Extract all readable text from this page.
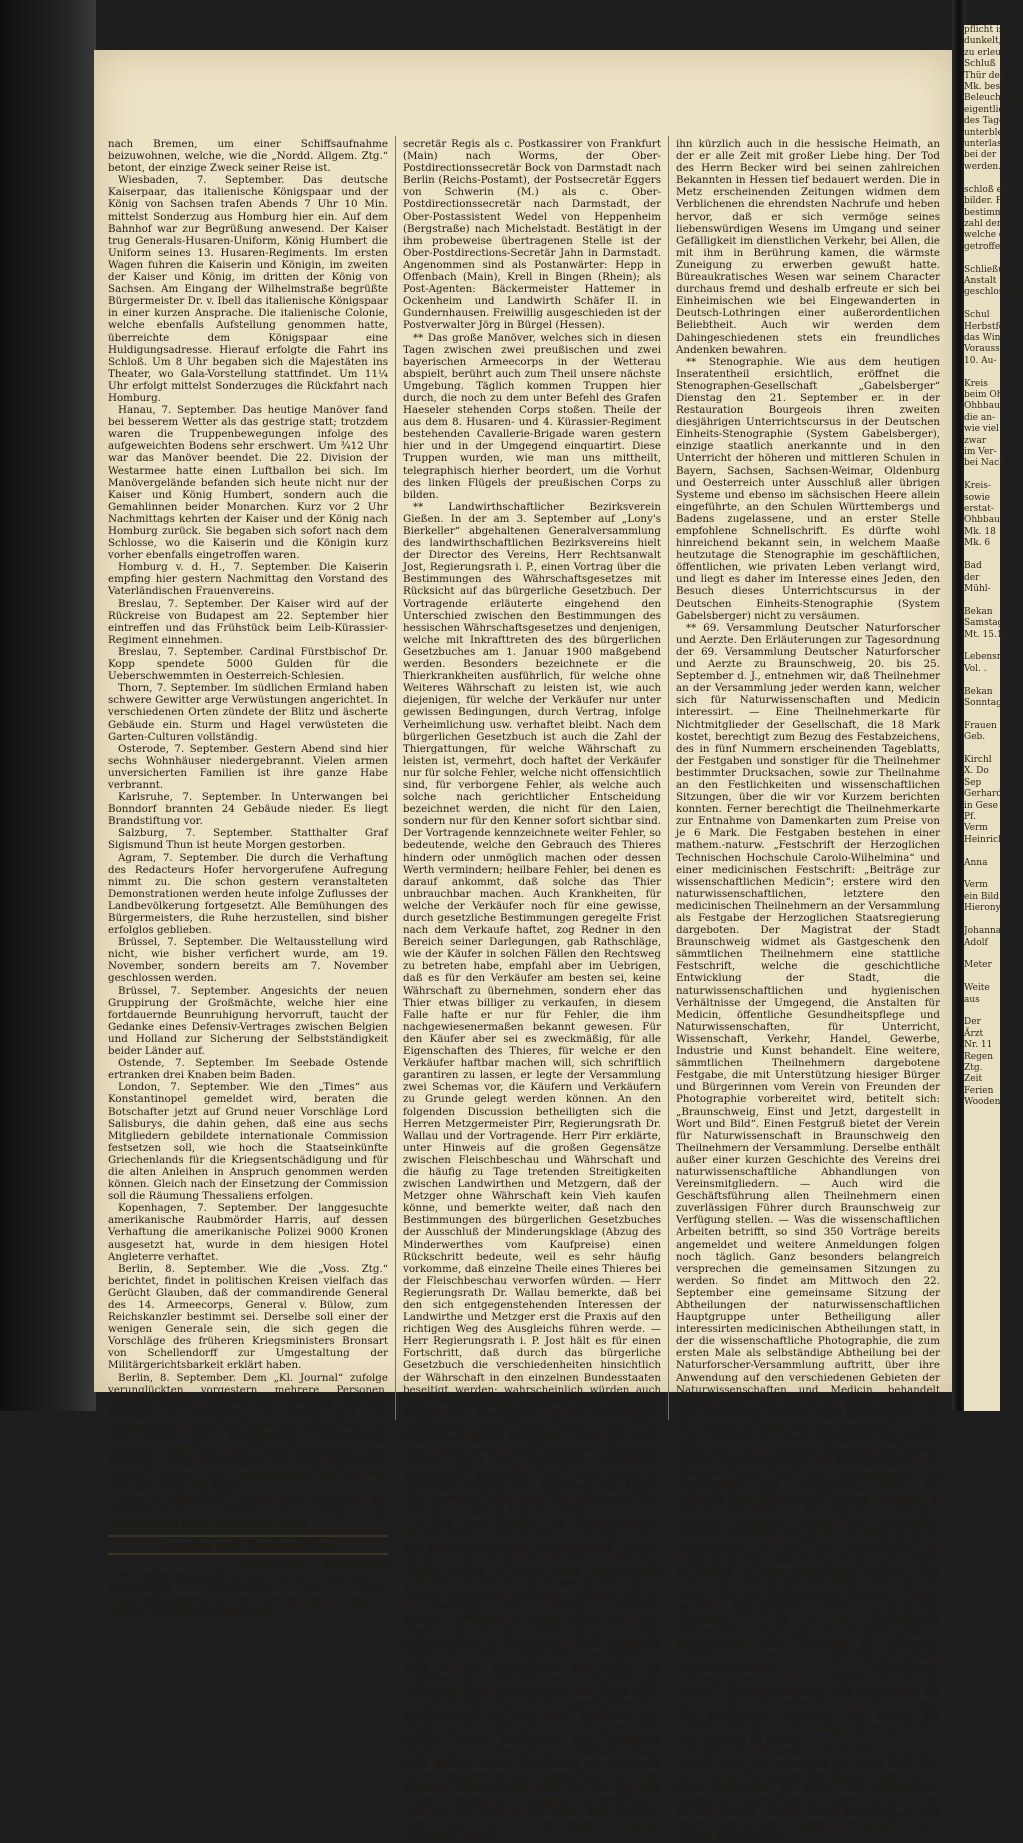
nach Bremen, um einer Schiffsaufnahme beizuwohnen, welche, wie die „Nordd. Allgem. Ztg.“ betont, der einzige Zweck seiner Reise ist.

Wiesbaden, 7. September. Das deutsche Kaiserpaar, das italienische Königspaar und der König von Sachsen trafen Abends 7 Uhr 10 Min. mittelst Sonderzug aus Homburg hier ein. Auf dem Bahnhof war zur Begrüßung anwesend. Der Kaiser trug Generals-Husaren-Uniform, König Humbert die Uniform seines 13. Husaren-Regiments. Im ersten Wagen fuhren die Kaiserin und Königin, im zweiten der Kaiser und König, im dritten der König von Sachsen. Am Eingang der Wilhelmstraße begrüßte Bürgermeister Dr. v. Ibell das italienische Königspaar in einer kurzen Ansprache. Die italienische Colonie, welche ebenfalls Aufstellung genommen hatte, überreichte dem Königspaar eine Huldigungsadresse. Hierauf erfolgte die Fahrt ins Schloß. Um 8 Uhr begaben sich die Majestäten ins Theater, wo Gala-Vorstellung stattfindet. Um 11¼ Uhr erfolgt mittelst Sonderzuges die Rückfahrt nach Homburg.

Hanau, 7. September. Das heutige Manöver fand bei besserem Wetter als das gestrige statt; trotzdem waren die Truppenbewegungen infolge des aufgeweichten Bodens sehr erschwert. Um ¾12 Uhr war das Manöver beendet. Die 22. Division der Westarmee hatte einen Luftballon bei sich. Im Manövergelände befanden sich heute nicht nur der Kaiser und König Humbert, sondern auch die Gemahlinnen beider Monarchen. Kurz vor 2 Uhr Nachmittags kehrten der Kaiser und der König nach Homburg zurück. Sie begaben sich sofort nach dem Schlosse, wo die Kaiserin und die Königin kurz vorher ebenfalls eingetroffen waren.

Homburg v. d. H., 7. September. Die Kaiserin empfing hier gestern Nachmittag den Vorstand des Vaterländischen Frauenvereins.

Breslau, 7. September. Der Kaiser wird auf der Rückreise von Budapest am 22. September hier eintreffen und das Frühstück beim Leib-Kürassier-Regiment einnehmen.

Breslau, 7. September. Cardinal Fürstbischof Dr. Kopp spendete 5000 Gulden für die Ueberschwemmten in Oesterreich-Schlesien.

Thorn, 7. September. Im südlichen Ermland haben schwere Gewitter arge Verwüstungen angerichtet. In verschiedenen Orten zündete der Blitz und äscherte Gebäude ein. Sturm und Hagel verwüsteten die Garten-Culturen vollständig.

Osterode, 7. September. Gestern Abend sind hier sechs Wohnhäuser niedergebrannt. Vielen armen unversicherten Familien ist ihre ganze Habe verbrannt.

Karlsruhe, 7. September. In Unterwangen bei Bonndorf brannten 24 Gebäude nieder. Es liegt Brandstiftung vor.

Salzburg, 7. September. Statthalter Graf Sigismund Thun ist heute Morgen gestorben.

Agram, 7. September. Die durch die Verhaftung des Redacteurs Hofer hervorgerufene Aufregung nimmt zu. Die schon gestern veranstalteten Demonstrationen werden heute infolge Zuflusses der Landbevölkerung fortgesetzt. Alle Bemühungen des Bürgermeisters, die Ruhe herzustellen, sind bisher erfolglos geblieben.

Brüssel, 7. September. Die Weltausstellung wird nicht, wie bisher verfichert wurde, am 19. November, sondern bereits am 7. November geschlossen werden.

Brüssel, 7. September. Angesichts der neuen Gruppirung der Großmächte, welche hier eine fortdauernde Beunruhigung hervorruft, taucht der Gedanke eines Defensiv-Vertrages zwischen Belgien und Holland zur Sicherung der Selbstständigkeit beider Länder auf.

Ostende, 7. September. Im Seebade Ostende ertranken drei Knaben beim Baden.

London, 7. September. Wie den „Times“ aus Konstantinopel gemeldet wird, beraten die Botschafter jetzt auf Grund neuer Vorschläge Lord Salisburys, die dahin gehen, daß eine aus sechs Mitgliedern gebildete internationale Commission festsetzen soll, wie hoch die Staatseinkünfte Griechenlands für die Kriegsentschädigung und für die alten Anleihen in Anspruch genommen werden können. Gleich nach der Einsetzung der Commission soll die Räumung Thessaliens erfolgen.

Kopenhagen, 7. September. Der langgesuchte amerikanische Raubmörder Harris, auf dessen Verhaftung die amerikanische Polizei 9000 Kronen ausgesetzt hat, wurde in dem hiesigen Hotel Angleterre verhaftet.

Berlin, 8. September. Wie die „Voss. Ztg.“ berichtet, findet in politischen Kreisen vielfach das Gerücht Glauben, daß der commandirende General des 14. Armeecorps, General v. Bülow, zum Reichskanzler bestimmt sei. Derselbe soll einer der wenigen Generale sein, die sich gegen die Vorschläge des früheren Kriegsministers Bronsart von Schellendorff zur Umgestaltung der Militärgerichtsbarkeit erklärt haben.

Berlin, 8. September. Dem „Kl. Journal“ zufolge verunglückten vorgestern mehrere Personen, darunter einige Berliner, von Ilsenburg aus den Brocken zu besteigen. Es stellte sich ein schrecklicher Sturm mit Hagel und Regen ein. Von den sieben dem Brockenwirth angemeldeten Personen sind nur vier oben angelangt, zwei Personen, deren Personalien noch nicht festgestellt werden konnten, sind verschwunden und bis jetzt fehlt jede Spur von ihnen.

Wien, 8. September. Officiös wird versichert, der Friedensschluß zwischen der Türkei und Griechenland stehe unmittelbar bevor.

Locales und Provinzielles.

Gießen, den 7. September.

** Postpersonalnachrichten. Versetzt sind: Der c. Postkassirer Tappermann als Ober-Postdirectionssecretär von Worms nach Frankfurt (Main), der Ober-Postdirections-

secretär Regis als c. Postkassirer von Frankfurt (Main) nach Worms, der Ober-Postdirectionssecretär Bock von Darmstadt nach Berlin (Reichs-Postamt), der Postsecretär Eggers von Schwerin (M.) als c. Ober-Postdirectionssecretär nach Darmstadt, der Ober-Postassistent Wedel von Heppenheim (Bergstraße) nach Michelstadt. Bestätigt in der ihm probeweise übertragenen Stelle ist der Ober-Postdirections-Secretär Jahn in Darmstadt. Angenommen sind als Postanwärter: Hepp in Offenbach (Main), Krell in Bingen (Rhein); als Post-Agenten: Bäckermeister Hattemer in Ockenheim und Landwirth Schäfer II. in Gundernhausen. Freiwillig ausgeschieden ist der Postverwalter Jörg in Bürgel (Hessen).

** Das große Manöver, welches sich in diesen Tagen zwischen zwei preußischen und zwei bayerischen Armeecorps in der Wetterau abspielt, berührt auch zum Theil unsere nächste Umgebung. Täglich kommen Truppen hier durch, die noch zu dem unter Befehl des Grafen Haeseler stehenden Corps stoßen. Theile der aus dem 8. Husaren- und 4. Kürassier-Regiment bestehenden Cavallerie-Brigade waren gestern hier und in der Umgegend einquartirt. Diese Truppen wurden, wie man uns mittheilt, telegraphisch hierher beordert, um die Vorhut des linken Flügels der preußischen Corps zu bilden.

** Landwirthschaftlicher Bezirksverein Gießen. In der am 3. September auf „Lony's Bierkeller“ abgehaltenen Generalversammlung des landwirthschaftlichen Bezirksvereins hielt der Director des Vereins, Herr Rechtsanwalt Jost, Regierungsrath i. P., einen Vortrag über die Bestimmungen des Währschaftsgesetzes mit Rücksicht auf das bürgerliche Gesetzbuch. Der Vortragende erläuterte eingehend den Unterschied zwischen den Bestimmungen des hessischen Währschaftsgesetzes und denjenigen, welche mit Inkrafttreten des des bürgerlichen Gesetzbuches am 1. Januar 1900 maßgebend werden. Besonders bezeichnete er die Thierkrankheiten ausführlich, für welche ohne Weiteres Währschaft zu leisten ist, wie auch diejenigen, für welche der Verkäufer nur unter gewissen Bedingungen, durch Vertrag, infolge Verheimlichung usw. verhaftet bleibt. Nach dem bürgerlichen Gesetzbuch ist auch die Zahl der Thiergattungen, für welche Währschaft zu leisten ist, vermehrt, doch haftet der Verkäufer nur für solche Fehler, welche nicht offensichtlich sind, für verborgene Fehler, als welche auch solche nach gerichtlicher Entscheidung bezeichnet werden, die nicht für den Laien, sondern nur für den Kenner sofort sichtbar sind. Der Vortragende kennzeichnete weiter Fehler, so bedeutende, welche den Gebrauch des Thieres hindern oder unmöglich machen oder dessen Werth vermindern; heilbare Fehler, bei denen es darauf ankommt, daß solche das Thier unbrauchbar machen. Auch Krankheiten, für welche der Verkäufer noch für eine gewisse, durch gesetzliche Bestimmungen geregelte Frist nach dem Verkaufe haftet, zog Redner in den Bereich seiner Darlegungen, gab Rathschläge, wie der Käufer in solchen Fällen den Rechtsweg zu betreten habe, empfahl aber im Uebrigen, daß es für den Verkäufer am besten sei, keine Währschaft zu übernehmen, sondern eher das Thier etwas billiger zu verkaufen, in diesem Falle hafte er nur für Fehler, die ihm nachgewiesenermaßen bekannt gewesen. Für den Käufer aber sei es zweckmäßig, für alle Eigenschaften des Thieres, für welche er den Verkäufer haftbar machen will, sich schriftlich garantiren zu lassen, er legte der Versammlung zwei Schemas vor, die Käufern und Verkäufern zu Grunde gelegt werden können. An den folgenden Discussion betheiligten sich die Herren Metzgermeister Pirr, Regierungsrath Dr. Wallau und der Vortragende. Herr Pirr erklärte, unter Hinweis auf die großen Gegensätze zwischen Fleischbeschau und Währschaft und die häufig zu Tage tretenden Streitigkeiten zwischen Landwirthen und Metzgern, daß der Metzger ohne Währschaft kein Vieh kaufen könne, und bemerkte weiter, daß nach den Bestimmungen des bürgerlichen Gesetzbuches der Ausschluß der Minderungsklage (Abzug des Minderwerthes vom Kaufpreise) einen Rückschritt bedeute, weil es sehr häufig vorkomme, daß einzelne Theile eines Thieres bei der Fleischbeschau verworfen würden. — Herr Regierungsrath Dr. Wallau bemerkte, daß bei den sich entgegenstehenden Interessen der Landwirthe und Metzger erst die Praxis auf den richtigen Weg des Ausgleichs führen werde. — Herr Regierungsrath i. P. Jost hält es für einen Fortschritt, daß durch das bürgerliche Gesetzbuch die verschiedenheiten hinsichtlich der Währschaft in den einzelnen Bundesstaaten beseitigt werden; wahrscheinlich würden auch noch Bestimmungen getroffen über diejenigen Mängel und Krankheiten, die im Bürgerlichen Gesetzbuch auch noch nicht unter die Währschaft fallend bezeichnet seien und dieses oder jenes noch dazu gerechnet. Jedenfalls würden durch das bürgerliche Gesetzbuch Verhältnisse geschaffen, auf Grund deren ein Ausgleich zwischen den Interessen der Käufer und Verkäufer, also auch der Landwirthe und Metzger, zu Stande kommen werde.

** Aus Metz gelangt die Trauernachricht hierher (siehe Todes-Anzeige in Nr. 209 d. Bl.), daß daselbst Herr Geh. Regierungsrath Wilhelm Becker in der Nacht vom Freitag auf Samstag voriger Woche in Folge eines Herzschlages gestorben ist. Der Verewigte war ein Sohn des in Gießen wohnenden Generals v. Becker) war am 11. September 1844 in Ortenberg geboren, studirte Cameralia in Gießen, wohin sein Vater versetzt worden war, wurde im Jahre 1866 Finanzaccessist in Darmstadt. Gleich mehreren seiner hessischen Collegen trat er im December 1870 in den Reichsdienst und wurde als Assessor der Kreisdirection in Diedenhofen zugetheilt. Dort verblieb er bis zum April 1878, wo seine Versetzung zum Bezirkspräsidium nach Metz erfolgte. Im Jahre 1880 wurde er zum Regierungsrath befördert und im Jahre 1895 erfolgte seine Ernennung zum Geheimen Regierungsrath. Vor wenigen Monaten mußte Herr Becker, dessen Gesundheit seit mehreren Jahren außerordentlich angegriffen war, den Schmerz erleben, seine Gattin vor sich ins Grab sinken zu sehen, ein Schlag, der ihn empfindlich traf und von dem er sich nicht mehr erholte. Eine Reise, die er zu seiner Erholung unternahm, führte

ihn kürzlich auch in die hessische Heimath, an der er alle Zeit mit großer Liebe hing. Der Tod des Herrn Becker wird bei seinen zahlreichen Bekannten in Hessen tief bedauert werden. Die in Metz erscheinenden Zeitungen widmen dem Verblichenen die ehrendsten Nachrufe und heben hervor, daß er sich vermöge seines liebenswürdigen Wesens im Umgang und seiner Gefälligkeit im dienstlichen Verkehr, bei Allen, die mit ihm in Berührung kamen, die wärmste Zuneigung zu erwerben gewußt hatte. Büreaukratisches Wesen war seinem Character durchaus fremd und deshalb erfreute er sich bei Einheimischen wie bei Eingewanderten in Deutsch-Lothringen einer außerordentlichen Beliebtheit. Auch wir werden dem Dahingeschiedenen stets ein freundliches Andenken bewahren.

** Stenographie. Wie aus dem heutigen Inseratentheil ersichtlich, eröffnet die Stenographen-Gesellschaft „Gabelsberger“ Dienstag den 21. September er. in der Restauration Bourgeois ihren zweiten diesjährigen Unterrichtscursus in der Deutschen Einheits-Stenographie (System Gabelsberger), einzige staatlich anerkannte und in den Unterricht der höheren und mittleren Schulen in Bayern, Sachsen, Sachsen-Weimar, Oldenburg und Oesterreich unter Ausschluß aller übrigen Systeme und ebenso im sächsischen Heere allein eingeführte, an den Schulen Württembergs und Badens zugelassene, und an erster Stelle empfohlene Schnellschrift. Es dürfte wohl hinreichend bekannt sein, in welchem Maaße heutzutage die Stenographie im geschäftlichen, öffentlichen, wie privaten Leben verlangt wird, und liegt es daher im Interesse eines Jeden, den Besuch dieses Unterrichtscursus in der Deutschen Einheits-Stenographie (System Gabelsberger) nicht zu versäumen.

** 69. Versammlung Deutscher Naturforscher und Aerzte. Den Erläuterungen zur Tagesordnung der 69. Versammlung Deutscher Naturforscher und Aerzte zu Braunschweig, 20. bis 25. September d. J., entnehmen wir, daß Theilnehmer an der Versammlung jeder werden kann, welcher sich für Naturwissenschaften und Medicin interessirt. — Eine Theilnehmerkarte für Nichtmitglieder der Gesellschaft, die 18 Mark kostet, berechtigt zum Bezug des Festabzeichens, des in fünf Nummern erscheinenden Tageblatts, der Festgaben und sonstiger für die Theilnehmer bestimmter Drucksachen, sowie zur Theilnahme an den Festlichkeiten und wissenschaftlichen Sitzungen, über die wir vor Kurzem berichten konnten. Ferner berechtigt die Theilnehmerkarte zur Entnahme von Damenkarten zum Preise von je 6 Mark. Die Festgaben bestehen in einer mathem.-naturw. „Festschrift der Herzoglichen Technischen Hochschule Carolo-Wilhelmina“ und einer medicinischen Festschrift: „Beiträge zur wissenschaftlichen Medicin“; erstere wird den naturwissenschaftlichen, letztere den medicinischen Theilnehmern an der Versammlung als Festgabe der Herzoglichen Staatsregierung dargeboten. Der Magistrat der Stadt Braunschweig widmet als Gastgeschenk den sämmtlichen Theilnehmern eine stattliche Festschrift, welche die geschichtliche Entwicklung der Stadt, die naturwissenschaftlichen und hygienischen Verhältnisse der Umgegend, die Anstalten für Medicin, öffentliche Gesundheitspflege und Naturwissenschaften, für Unterricht, Wissenschaft, Verkehr, Handel, Gewerbe, Industrie und Kunst behandelt. Eine weitere, sämmtlichen Theilnehmern dargebotene Festgabe, die mit Unterstützung hiesiger Bürger und Bürgerinnen vom Verein von Freunden der Photographie vorbereitet wird, betitelt sich: „Braunschweig, Einst und Jetzt, dargestellt in Wort und Bild“. Einen Festgruß bietet der Verein für Naturwissenschaft in Braunschweig den Theilnehmern der Versammlung. Derselbe enthält außer einer kurzen Geschichte des Vereins drei naturwissenschaftliche Abhandlungen von Vereinsmitgliedern. — Auch wird die Geschäftsführung allen Theilnehmern einen zuverlässigen Führer durch Braunschweig zur Verfügung stellen. — Was die wissenschaftlichen Arbeiten betrifft, so sind 350 Vorträge bereits angemeldet und weitere Anmeldungen folgen noch täglich. Ganz besonders belangreich versprechen die gemeinsamen Sitzungen zu werden. So findet am Mittwoch den 22. September eine gemeinsame Sitzung der Abtheilungen der naturwissenschaftlichen Hauptgruppe unter Betheiligung aller interessirten medicinischen Abtheilungen statt, in der die wissenschaftliche Photographie, die zum ersten Male als selbständige Abtheilung bei der Naturforscher-Versammlung auftritt, über ihre Anwendung auf den verschiedenen Gebieten der Naturwissenschaften und Medicin, behandelt werden wird. Prof. Dr. H. W. Vogel (Berlin) hat den einleitenden Vortrag dabei übernommen und die Herren Dr. René du Bois-Reymond, Dr. Max Levy, Prof. Dr. O. Lassar (sämmtlich aus Berlin) sowie Prof. Dr. E. Selenka (München) und andere werden weitere Vorträge und Referate halten. Die Zoologie wird mit den Abtheilungen für Geburtshülfe und Gynäkologie, sowie für Anatomie eine gemeinsame Sitzung abhalten, in welcher als Thema „Die Placenta und ihre Eihüllen“ behandelt werden soll. Bedeutende Gelehrte sind dafür gewonnen. Die Abtheilung für Geburtshülfe hat mit den Abtheilungen für Kinderheilkunde sowie Dermatologie und Syphilis als Thema für eine gemeinsame Sitzung: „Das Colles'sche Gesetz und die Frage des Choc en retour“ auf die Tagesordnung gesetzt. — Auch andere Abtheilungen planen gemeinsame Sitzungen. — Die mit der Versammlung verbundene Ausstellung für wissenschaftliche Photographie, (mit Einschluß der Röntgen-, Farben- und Mikrophotographie), Instrumentenkunde, Mikroskopie, Demonstrations- und Schulapparate für Physik, Chemie, Naturbeschreibung und Geographie, für Bacteriologie und innere Medicin, für Chirurgie und Orthopädie verspricht auf Grund der zahlreich erfolgten Anmeldungen sehr reichhaltig und lehrreich zu werden.

** Mit dem früheren Eintritt der Dunkelheit mehren sich, wie alljährlich um diese Zeit, nun auch wieder die Klagen der Miether über das zu späte Beleuchten der Haus- und Treppenflure seitens der Hauswirthe oder deren Stellvertreter. Es sei deshalb wieder darauf hingewiesen, daß jeder Eigenthümer eines Grundstücks oder dessen Verwalter ver-

pflicht ist

dunkelt, zu

zu erleuch-

Schluß

Thür der

Mk. bestra-

Beleuchtung

eigentlich

des Tages

unterbleiben

unterlassen

bei der

werden.

schloß ein

bilder. Fi-

bestimmt

zahl der

welche die

getroffen

Schließung

Anstalt

geschlossen

Schul

Herbstfe-

das Win-

Vorauss

10. Au-

Kreis

beim Oh-

Ohbbaus

die an-

wie viel

zwar

im Ver-

bei Nach-

Kreis-

sowie

erstat-

Ohbbaus

Mk. 18

Mk. 6

Bad

der

Mühl-

Bekan

Samstag

Mt. 15.10

Lebensmit

Vol. .

Bekan

Sonntag

Frauen

Geb.

Kirchl

X. Do

Sep

Gerhard

in Gese

Pf.

Verm

Heinrich

Anna

Verm

ein Bild

Hieronym

Johanna

Adolf

Meter

Weite

aus

Der

Ärzt

Nr. 11

Regen

Ztg.

Zeit

Ferien

Wooden
